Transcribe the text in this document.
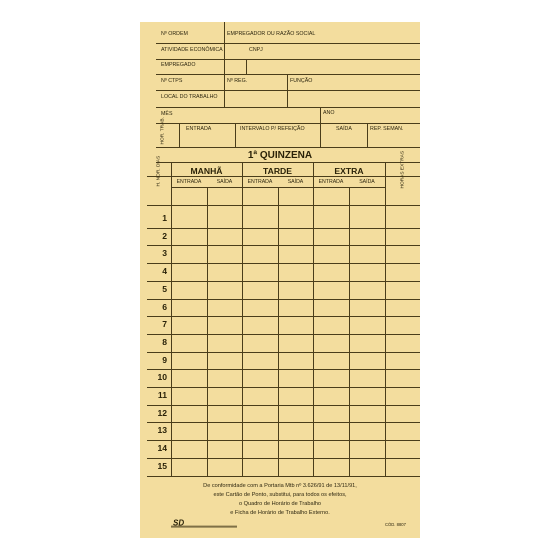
Nº ORDEM	EMPREGADOR OU RAZÃO SOCIAL
ATIVIDADE ECONÔMICA	CNPJ
EMPREGADO
Nº CTPS	Nº REG.	FUNÇÃO
LOCAL DO TRABALHO
MÊS	ANO
HOR. TRAB.	ENTRADA	INTERVALO P/ REFEIÇÃO	SAÍDA	REP. SEMAN.
1ª QUINZENA
H. NOR. DIAS	MANHÃ	TARDE	EXTRA	HORAS EXTRAS
ENTRADA	SAÍDA	ENTRADA	SAÍDA	ENTRADA	SAÍDA
1
2
3
4
5
6
7
8
9
10
11
12
13
14
15
De conformidade com a Portaria Mtb nº 3.626/91 de 13/11/91,
este Cartão de Ponto, substitui, para todos os efeitos,
o Quadro de Horário de Trabalho
e Ficha de Horário de Trabalho Externo.
SD	CÓD. 8807
